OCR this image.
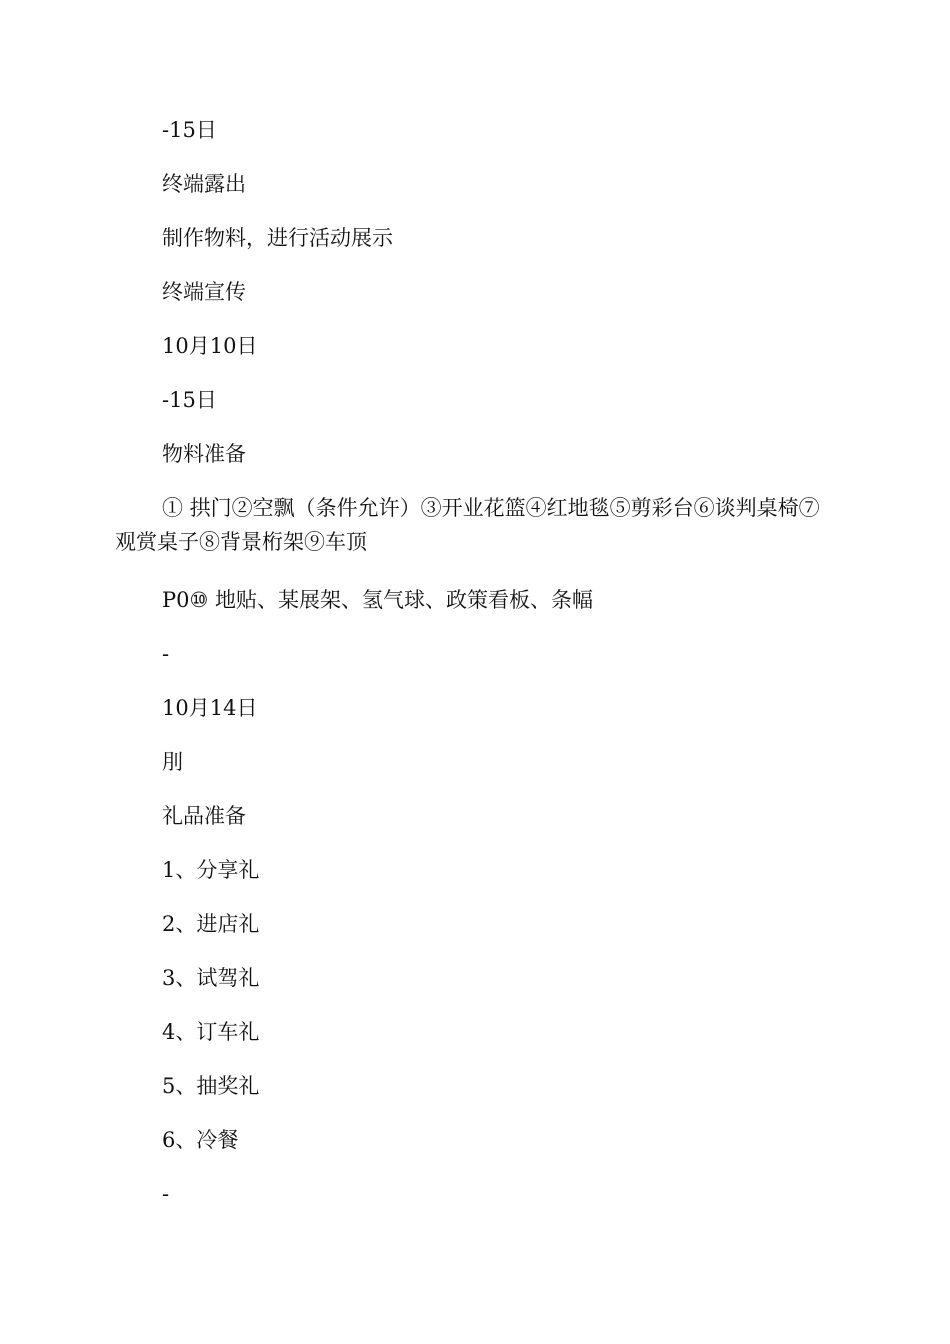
-15日
终端露出
制作物料，进行活动展示
终端宣传
10月10日
-15日
物料准备
① 拱门②空飘（条件允许）③开业花篮④红地毯⑤剪彩台⑥谈判桌椅⑦观赏桌子⑧背景桁架⑨车顶
P0⑩ 地贴、某展架、氢气球、政策看板、条幅
-
10月14日
刖
礼品准备
1、分享礼
2、进店礼
3、试驾礼
4、订车礼
5、抽奖礼
6、冷餐
-
